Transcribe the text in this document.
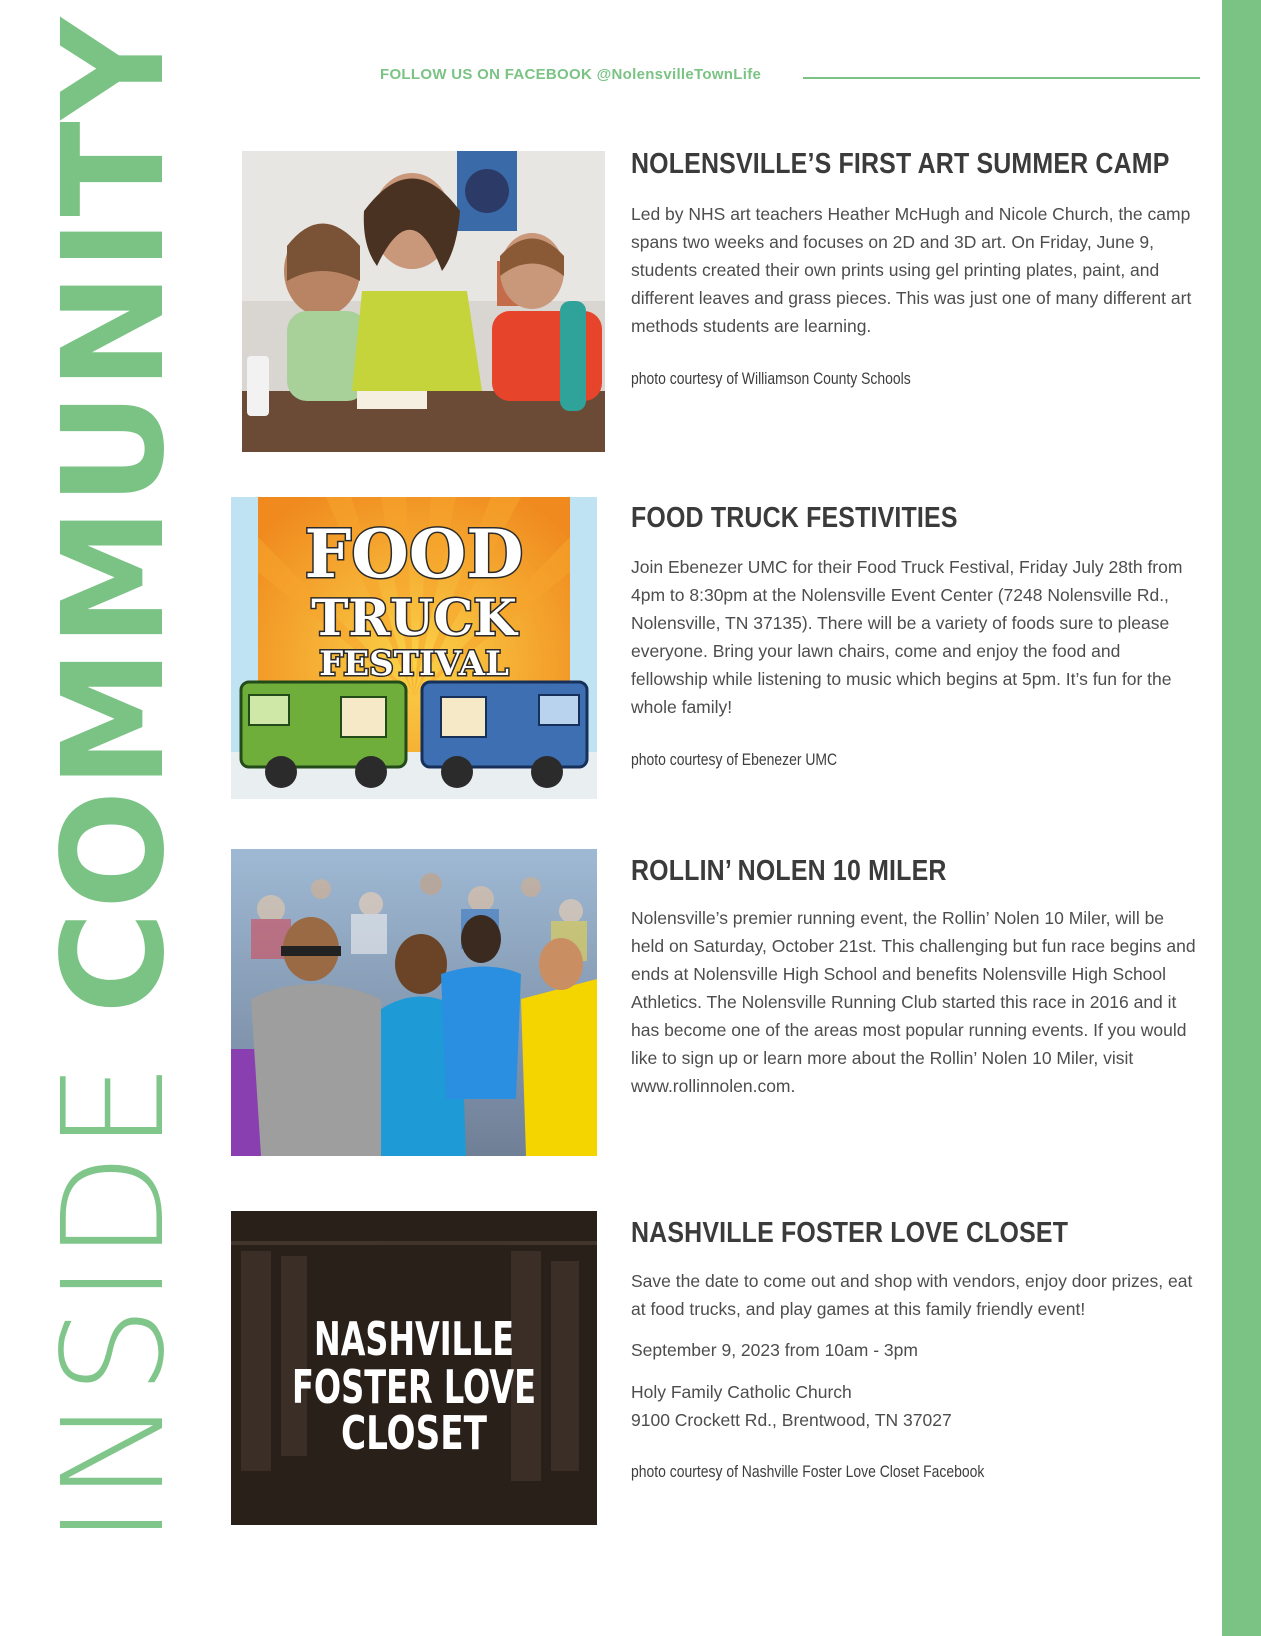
INSIDE COMMUNITY	FOLLOW US ON FACEBOOK @NolensvilleTownLife
NOLENSVILLE’S FIRST ART SUMMER CAMP
Led by NHS art teachers Heather McHugh and Nicole Church, the camp spans two weeks and focuses on 2D and 3D art. On Friday, June 9, students created their own prints using gel printing plates, paint, and different leaves and grass pieces. This was just one of many different art methods students are learning.
photo courtesy of Williamson County Schools
FOOD
TRUCK
FESTIVAL
FOOD TRUCK FESTIVITIES
Join Ebenezer UMC for their Food Truck Festival, Friday July 28th from 4pm to 8:30pm at the Nolensville Event Center (7248 Nolensville Rd., Nolensville, TN 37135). There will be a variety of foods sure to please everyone. Bring your lawn chairs, come and enjoy the food and fellowship while listening to music which begins at 5pm. It’s fun for the whole family!
photo courtesy of Ebenezer UMC
ROLLIN’ NOLEN 10 MILER
Nolensville’s premier running event, the Rollin’ Nolen 10 Miler, will be held on Saturday, October 21st. This challenging but fun race begins and ends at Nolensville High School and benefits Nolensville High School Athletics. The Nolensville Running Club started this race in 2016 and it has become one of the areas most popular running events. If you would like to sign up or learn more about the Rollin’ Nolen 10 Miler, visit www.rollinnolen.com.
NASHVILLE
FOSTER LOVE
CLOSET
NASHVILLE FOSTER LOVE CLOSET
Save the date to come out and shop with vendors, enjoy door prizes, eat at food trucks, and play games at this family friendly event!
September 9, 2023 from 10am - 3pm
Holy Family Catholic Church
9100 Crockett Rd., Brentwood, TN 37027
photo courtesy of Nashville Foster Love Closet Facebook
